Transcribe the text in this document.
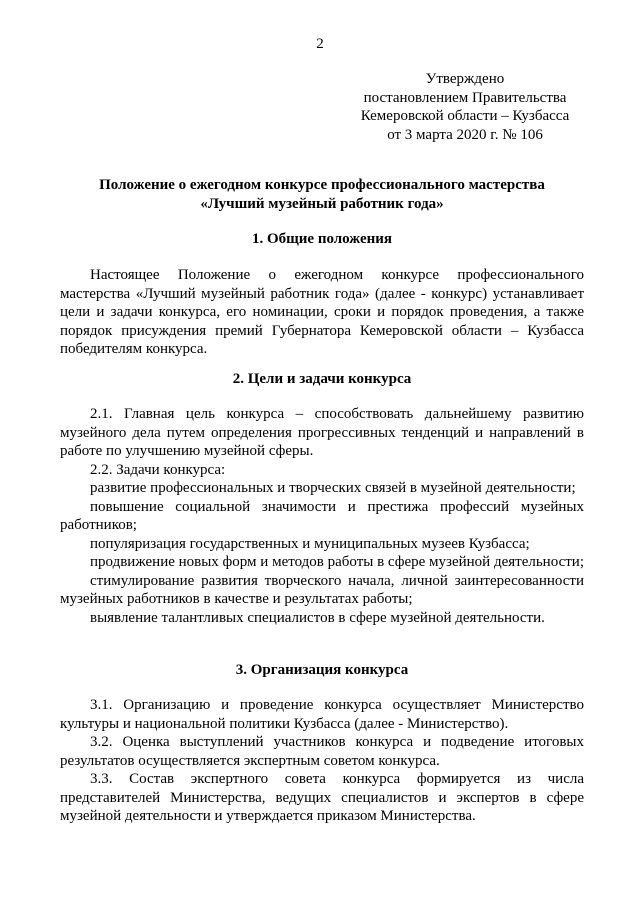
2
Утверждено
постановлением Правительства
Кемеровской области – Кузбасса
от 3 марта 2020 г. № 106
Положение о ежегодном конкурсе профессионального мастерства
«Лучший музейный работник года»
1. Общие положения

Настоящее Положение о ежегодном конкурсе профессионального мастерства «Лучший музейный работник года» (далее - конкурс) устанавливает цели и задачи конкурса, его номинации, сроки и порядок проведения, а также порядок присуждения премий Губернатора Кемеровской области – Кузбасса победителям конкурса.

2. Цели и задачи конкурса

2.1. Главная цель конкурса – способствовать дальнейшему развитию музейного дела путем определения прогрессивных тенденций и направлений в работе по улучшению музейной сферы.

2.2. Задачи конкурса:

развитие профессиональных и творческих связей в музейной деятельности;

повышение социальной значимости и престижа профессий музейных работников;

популяризация государственных и муниципальных музеев Кузбасса;

продвижение новых форм и методов работы в сфере музейной деятельности;

стимулирование развития творческого начала, личной заинтересованности музейных работников в качестве и результатах работы;

выявление талантливых специалистов в сфере музейной деятельности.

3. Организация конкурса

3.1. Организацию и проведение конкурса осуществляет Министерство культуры и национальной политики Кузбасса (далее - Министерство).

3.2. Оценка выступлений участников конкурса и подведение итоговых результатов осуществляется экспертным советом конкурса.

3.3. Состав экспертного совета конкурса формируется из числа представителей Министерства, ведущих специалистов и экспертов в сфере музейной деятельности и утверждается приказом Министерства.
